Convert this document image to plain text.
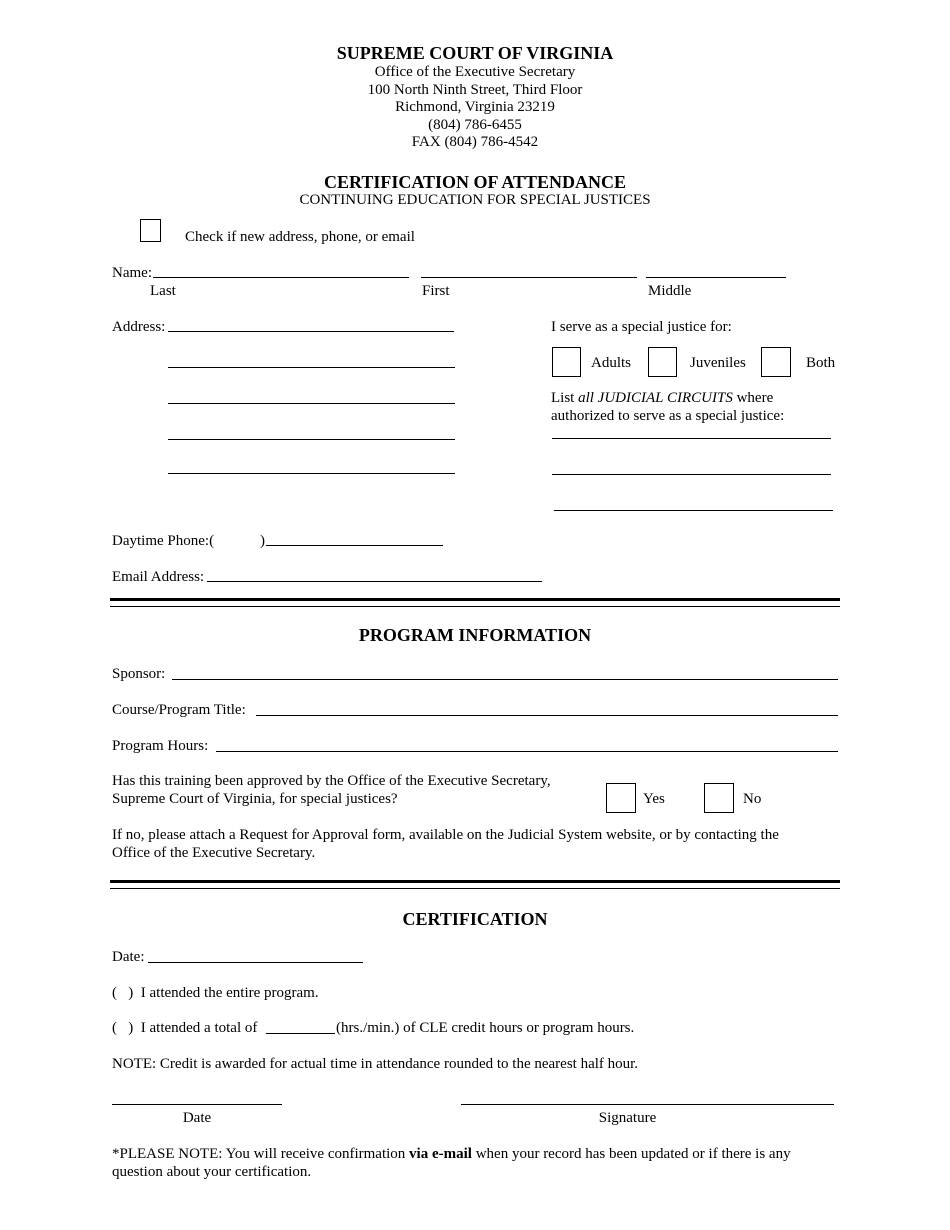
SUPREME COURT OF VIRGINIA
Office of the Executive Secretary
100 North Ninth Street, Third Floor
Richmond, Virginia 23219
(804) 786-6455
FAX (804) 786-4542
CERTIFICATION OF ATTENDANCE
CONTINUING EDUCATION FOR SPECIAL JUSTICES
Check if new address, phone, or email
Name:
Last	First	Middle
Address:	I serve as a special justice for:
Adults	Juveniles	Both
List all JUDICIAL CIRCUITS where
authorized to serve as a special justice:
Daytime Phone:(	)
Email Address:
PROGRAM INFORMATION
Sponsor:
Course/Program Title:
Program Hours:
Has this training been approved by the Office of the Executive Secretary,
Supreme Court of Virginia, for special justices?	Yes	No
If no, please attach a Request for Approval form, available on the Judicial System website, or by contacting the
Office of the Executive Secretary.
CERTIFICATION
Date:
(   ) I attended the entire program.
(   ) I attended a total of	(hrs./min.) of CLE credit hours or program hours.
NOTE: Credit is awarded for actual time in attendance rounded to the nearest half hour.
Date	Signature
*PLEASE NOTE: You will receive confirmation via e-mail when your record has been updated or if there is any
question about your certification.
